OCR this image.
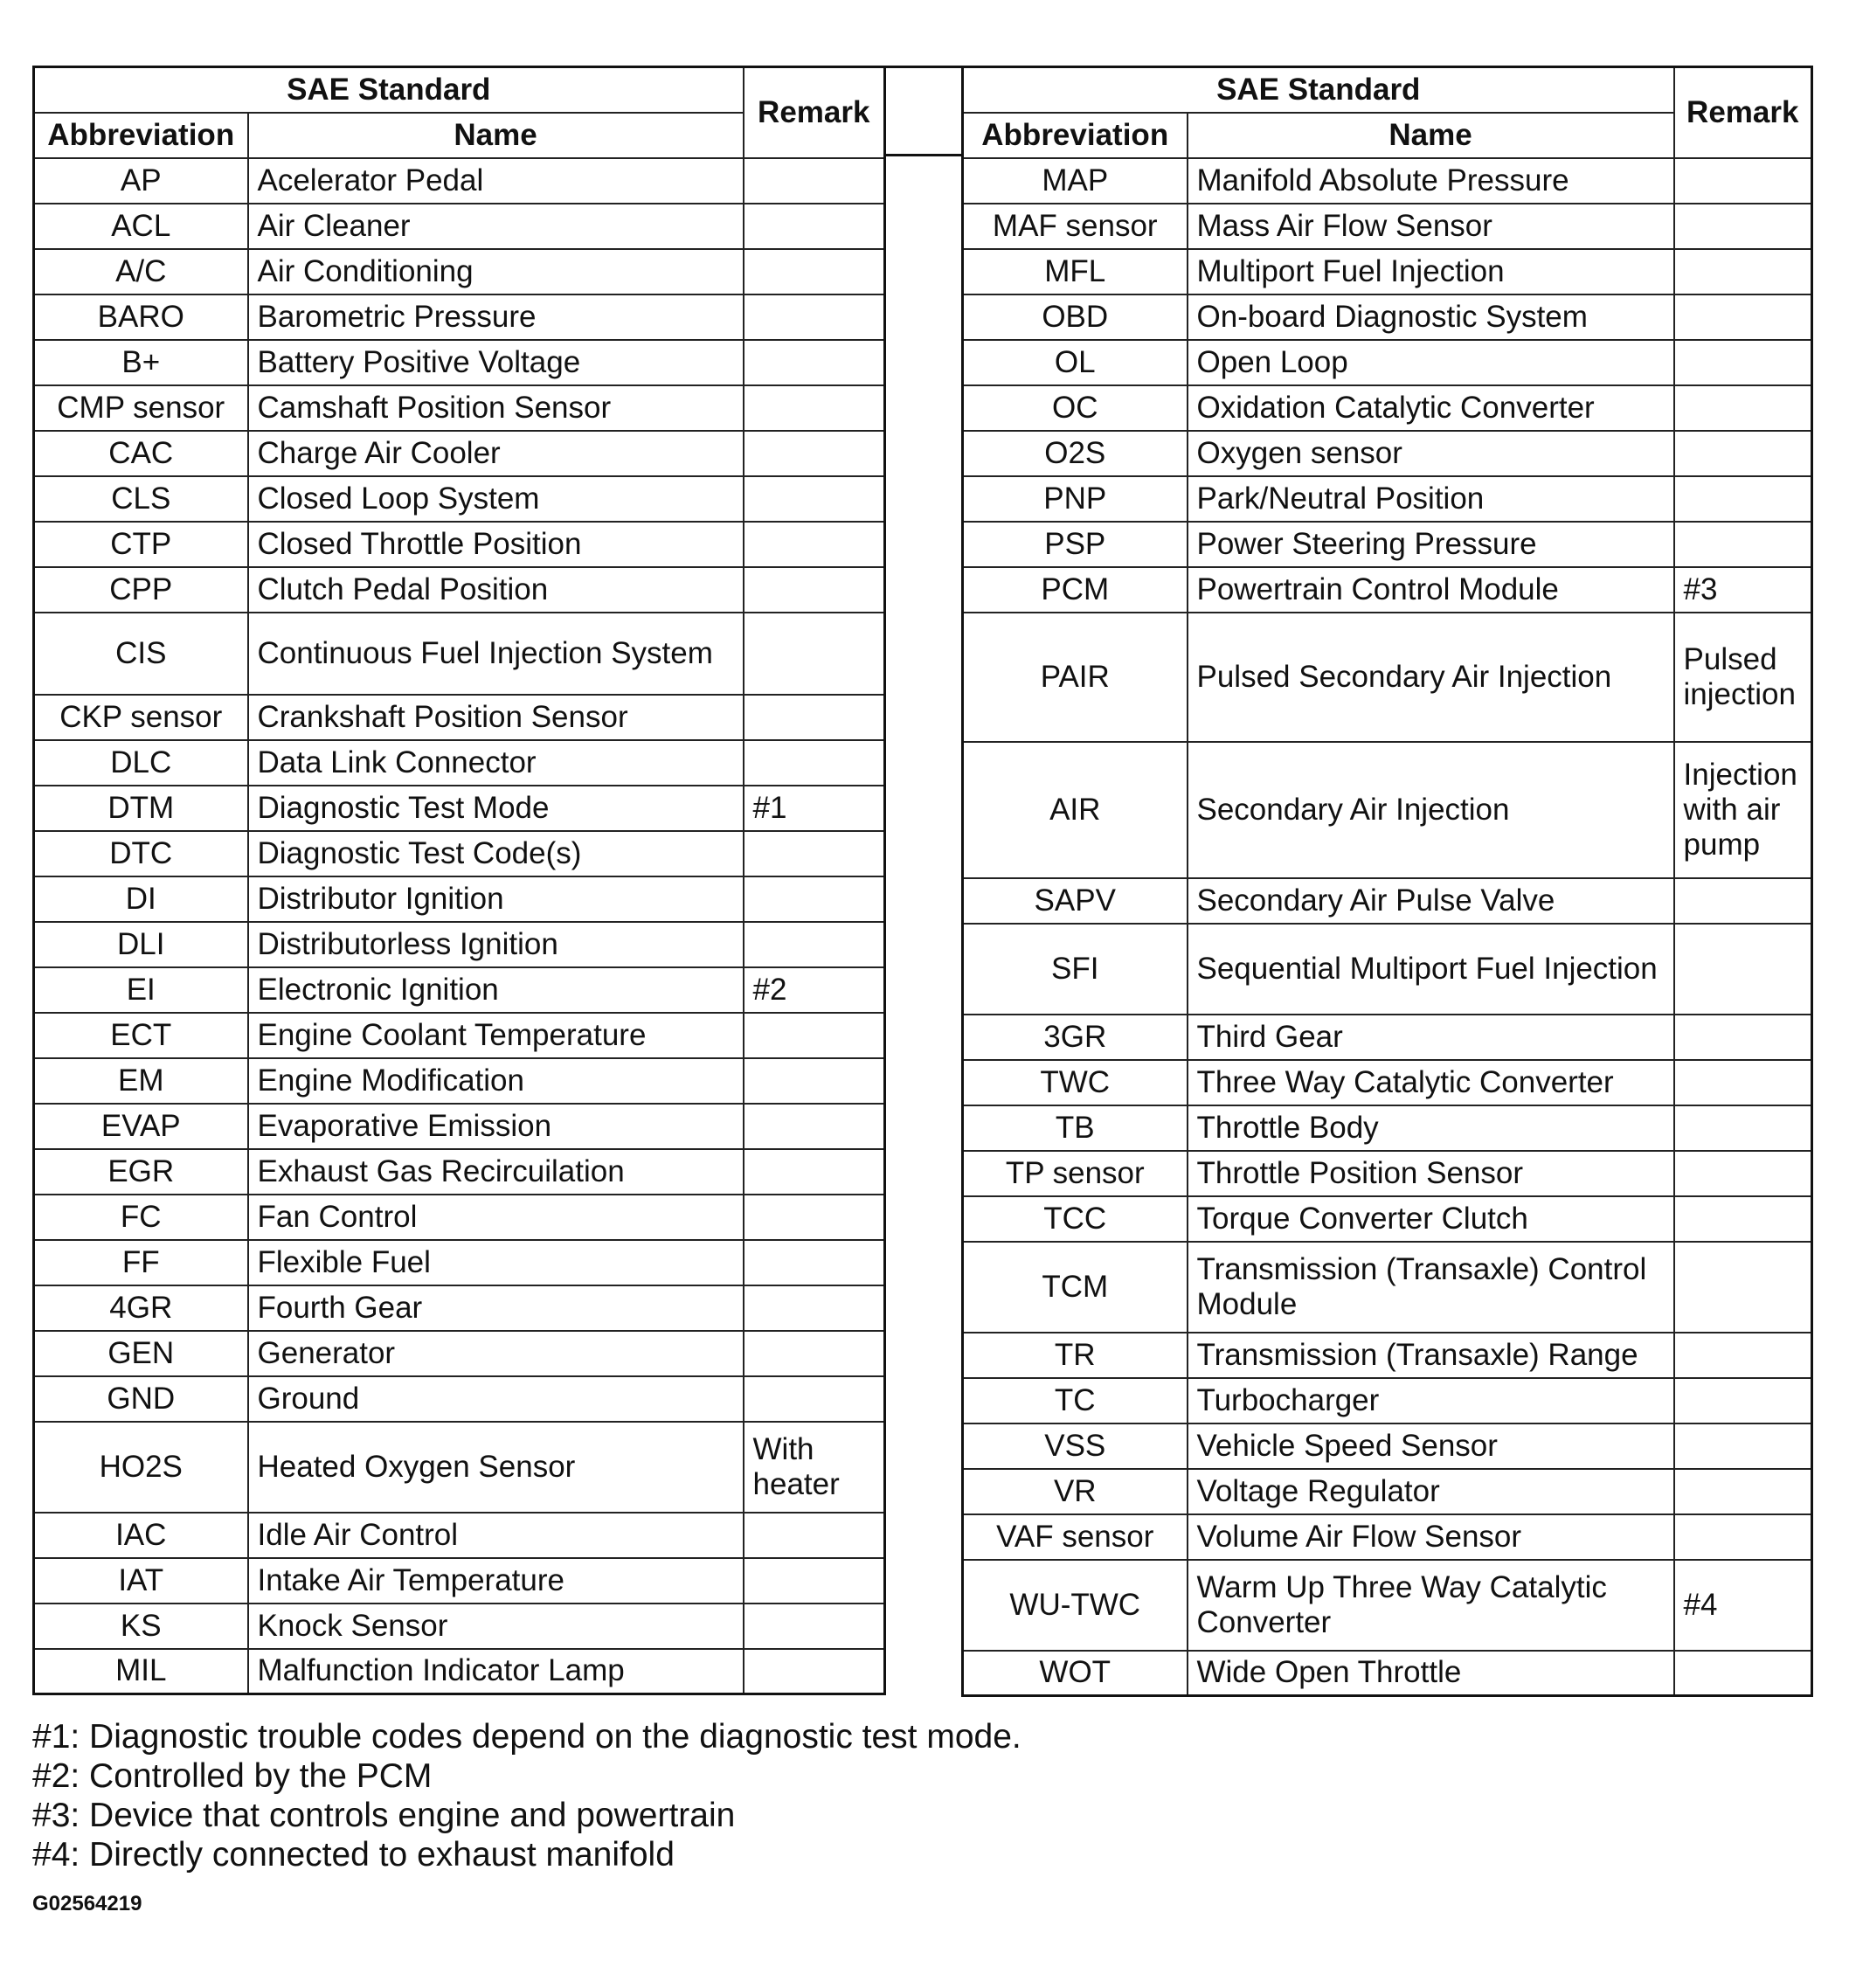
SAE Standard		Remark
Abbreviation	Name	
AP	Acelerator Pedal	
ACL	Air Cleaner	
A/C	Air Conditioning	
BARO	Barometric Pressure	
B+	Battery Positive Voltage	
CMP sensor	Camshaft Position Sensor	
CAC	Charge Air Cooler	
CLS	Closed Loop System	
CTP	Closed Throttle Position	
CPP	Clutch Pedal Position	
CIS	Continuous Fuel Injection System	
CKP sensor	Crankshaft Position Sensor	
DLC	Data Link Connector	
DTM	Diagnostic Test Mode	#1
DTC	Diagnostic Test Code(s)	
DI	Distributor Ignition	
DLI	Distributorless Ignition	
EI	Electronic Ignition	#2
ECT	Engine Coolant Temperature	
EM	Engine Modification	
EVAP	Evaporative Emission	
EGR	Exhaust Gas Recircuilation	
FC	Fan Control	
FF	Flexible Fuel	
4GR	Fourth Gear	
GEN	Generator	
GND	Ground	
HO2S	Heated Oxygen Sensor	With heater
IAC	Idle Air Control	
IAT	Intake Air Temperature	
KS	Knock Sensor	
MIL	Malfunction Indicator Lamp	
SAE Standard		Remark
Abbreviation	Name	
MAP	Manifold Absolute Pressure	
MAF sensor	Mass Air Flow Sensor	
MFL	Multiport Fuel Injection	
OBD	On-board Diagnostic System	
OL	Open Loop	
OC	Oxidation Catalytic Converter	
O2S	Oxygen sensor	
PNP	Park/Neutral Position	
PSP	Power Steering Pressure	
PCM	Powertrain Control Module	#3
PAIR	Pulsed Secondary Air Injection	Pulsed injection
AIR	Secondary Air Injection	Injection with air pump
SAPV	Secondary Air Pulse Valve	
SFI	Sequential Multiport Fuel Injection	
3GR	Third Gear	
TWC	Three Way Catalytic Converter	
TB	Throttle Body	
TP sensor	Throttle Position Sensor	
TCC	Torque Converter Clutch	
TCM	Transmission (Transaxle) Control Module	
TR	Transmission (Transaxle) Range	
TC	Turbocharger	
VSS	Vehicle Speed Sensor	
VR	Voltage Regulator	
VAF sensor	Volume Air Flow Sensor	
WU-TWC	Warm Up Three Way Catalytic Converter	#4
WOT	Wide Open Throttle	
#1: Diagnostic trouble codes depend on the diagnostic test mode.
#2: Controlled by the PCM
#3: Device that controls engine and powertrain
#4: Directly connected to exhaust manifold
G02564219
